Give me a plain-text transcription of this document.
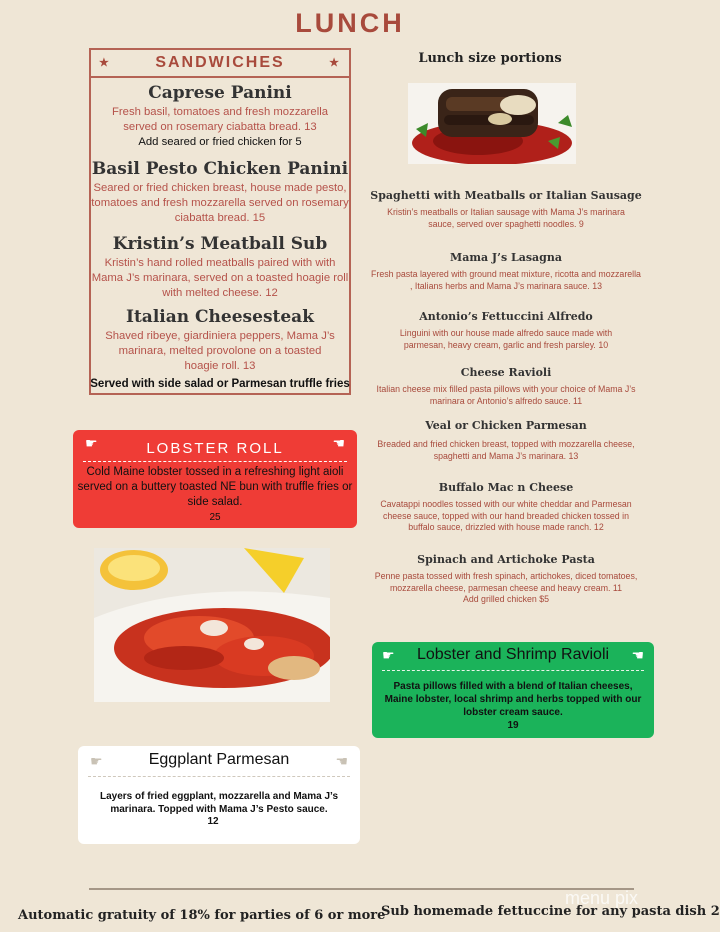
LUNCH
★	SANDWICHES	★
Caprese Panini
Fresh basil, tomatoes and fresh mozzarella served on rosemary ciabatta bread. 13
Add seared or fried chicken for 5
Basil Pesto Chicken Panini
Seared or fried chicken breast, house made pesto, tomatoes and fresh mozzarella served on rosemary ciabatta bread. 15
Kristin’s Meatball Sub
Kristin’s hand rolled meatballs paired with with Mama J’s marinara, served on a toasted hoagie roll with melted cheese. 12
Italian Cheesesteak
Shaved ribeye, giardiniera peppers, Mama J’s marinara, melted provolone on a toasted hoagie roll. 13
Served with side salad or Parmesan truffle fries
Lunch size portions
Spaghetti with Meatballs or Italian Sausage
Kristin’s meatballs or Italian sausage with Mama J’s marinara sauce, served over spaghetti noodles. 9
Mama J’s Lasagna
Fresh pasta layered with ground meat mixture, ricotta and mozzarella , Italians herbs and Mama J’s marinara sauce. 13
Antonio’s Fettuccini Alfredo
Linguini with our house made alfredo sauce made with parmesan, heavy cream, garlic and fresh parsley. 10
Cheese Ravioli
Italian cheese mix filled pasta pillows with your choice of Mama J’s marinara or Antonio’s alfredo sauce. 11
Veal or Chicken Parmesan
Breaded and fried chicken breast, topped with mozzarella cheese, spaghetti and Mama J’s marinara. 13
Buffalo Mac n Cheese
Cavatappi noodles tossed with our white cheddar and Parmesan cheese sauce, topped with our hand breaded chicken tossed in buffalo sauce, drizzled with house made ranch. 12
Spinach and Artichoke Pasta
Penne pasta tossed with fresh spinach, artichokes, diced tomatoes, mozzarella cheese, parmesan cheese and heavy cream. 11
Add grilled chicken $5
☛	☚
LOBSTER ROLL
Cold Maine lobster tossed in a refreshing light aioli served on a buttery toasted NE bun with truffle fries or side salad.
25
☛	☚
Lobster and Shrimp Ravioli
Pasta pillows filled with a blend of Italian cheeses, Maine lobster, local shrimp and herbs topped with our lobster cream sauce.
19
☛	☚
Eggplant Parmesan
Layers of fried eggplant, mozzarella and Mama J’s marinara. Topped with Mama J’s Pesto sauce.
12
Automatic gratuity of 18% for parties of 6 or more
Sub homemade fettuccine for any pasta dish 2
menu pix
